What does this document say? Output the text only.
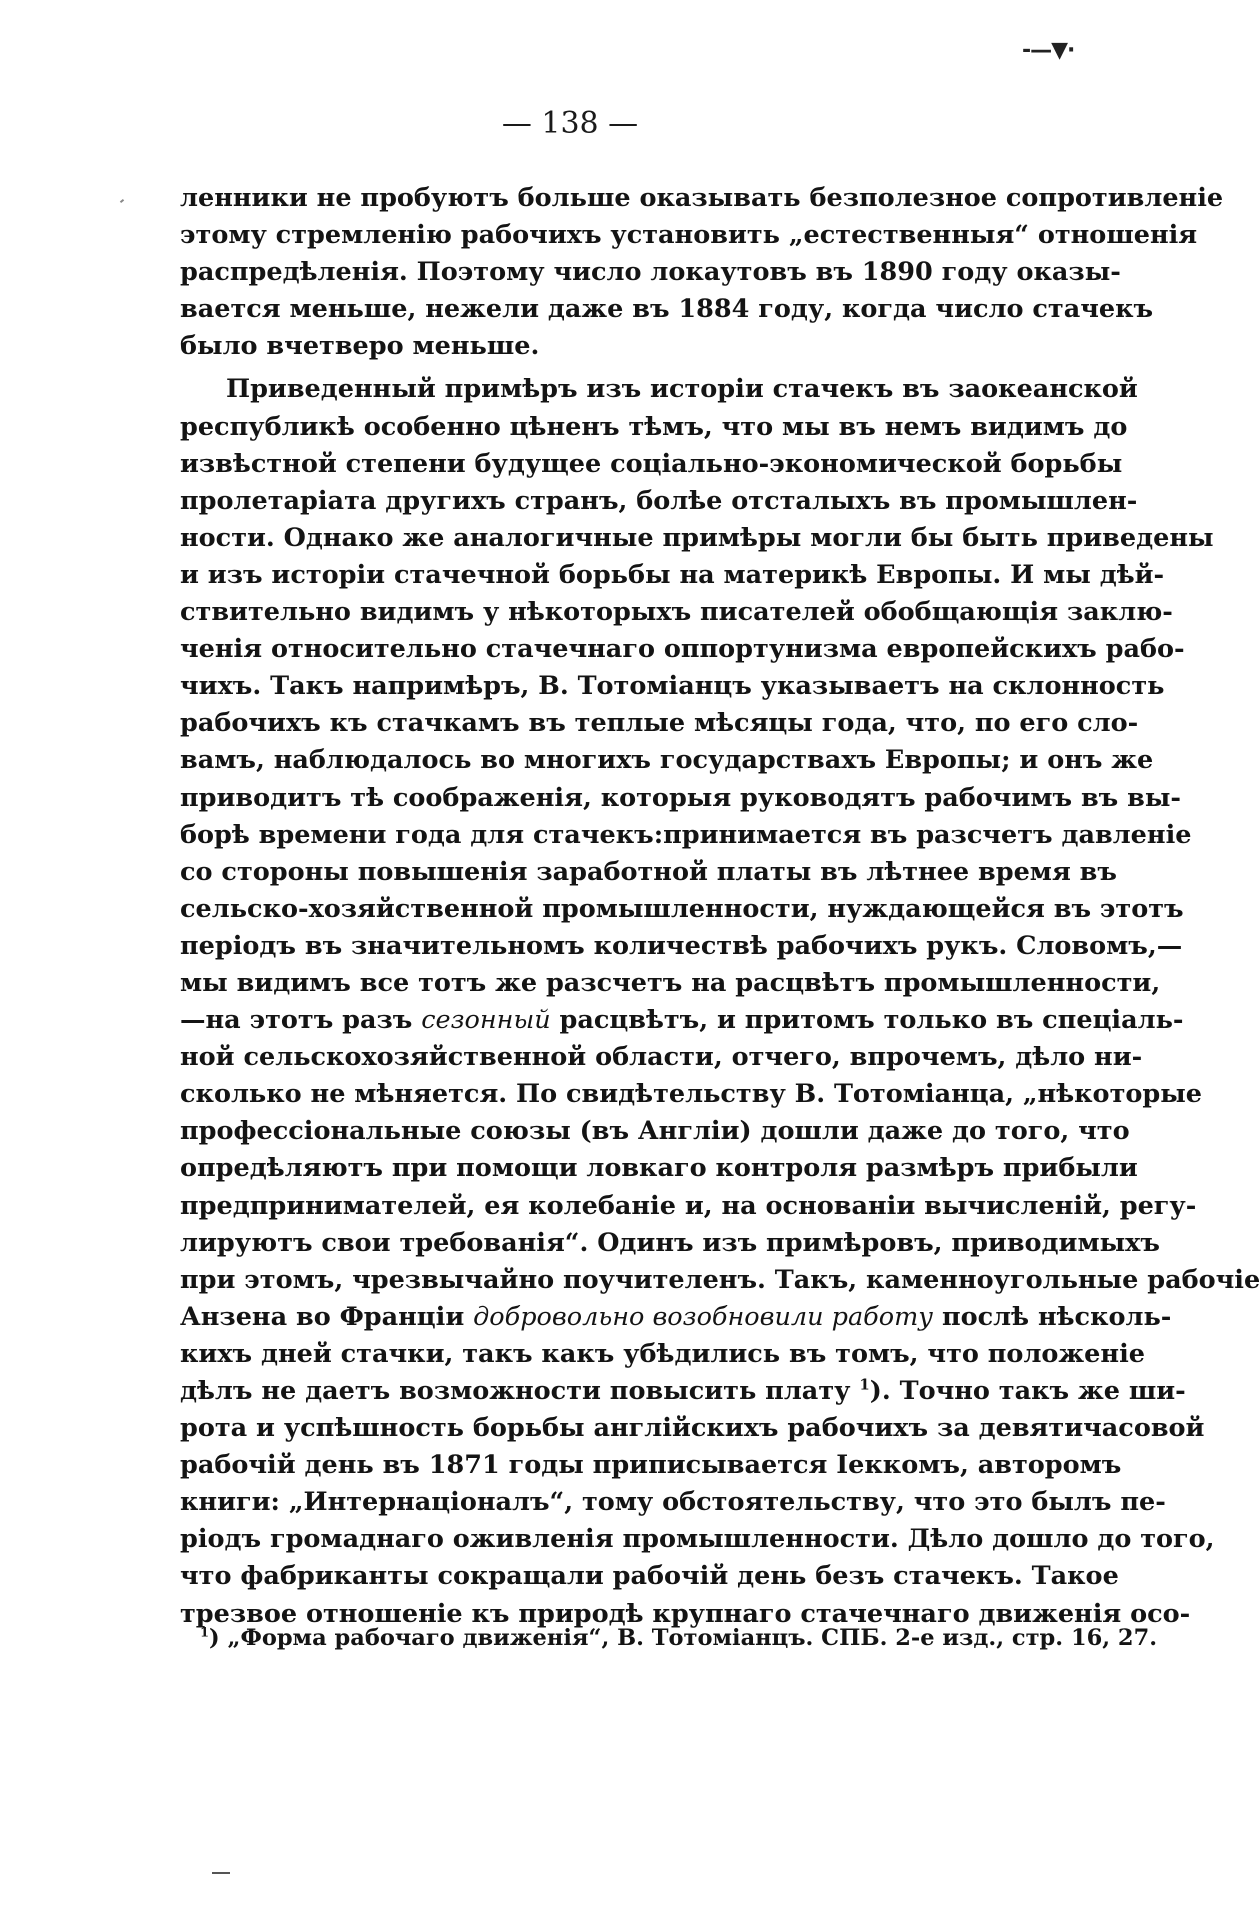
-—▼·
— 138 —
ленники не пробуютъ больше оказывать безполезное сопротивленіе
этому стремленію рабочихъ установить „естественныя“ отношенія
распредѣленія. Поэтому число локаутовъ въ 1890 году оказы-
вается меньше, нежели даже въ 1884 году, когда число стачекъ
было вчетверо меньше.
Приведенный примѣръ изъ исторіи стачекъ въ заокеанской
республикѣ особенно цѣненъ тѣмъ, что мы въ немъ видимъ до
извѣстной степени будущее соціально-экономической борьбы
пролетаріата другихъ странъ, болѣе отсталыхъ въ промышлен-
ности. Однако же аналогичные примѣры могли бы быть приведены
и изъ исторіи стачечной борьбы на материкѣ Европы. И мы дѣй-
ствительно видимъ у нѣкоторыхъ писателей обобщающія заклю-
ченія относительно стачечнаго оппортунизма европейскихъ рабо-
чихъ. Такъ напримѣръ, В. Тотоміанцъ указываетъ на склонность
рабочихъ къ стачкамъ въ теплые мѣсяцы года, что, по его сло-
вамъ, наблюдалось во многихъ государствахъ Европы; и онъ же
приводитъ тѣ соображенія, которыя руководятъ рабочимъ въ вы-
борѣ времени года для стачекъ:принимается въ разсчетъ давленіе
со стороны повышенія заработной платы въ лѣтнее время въ
сельско-хозяйственной промышленности, нуждающейся въ этотъ
періодъ въ значительномъ количествѣ рабочихъ рукъ. Словомъ,—
мы видимъ все тотъ же разсчетъ на расцвѣтъ промышленности,
—на этотъ разъ сезонный расцвѣтъ, и притомъ только въ спеціаль-
ной сельскохозяйственной области, отчего, впрочемъ, дѣло ни-
сколько не мѣняется. По свидѣтельству В. Тотоміанца, „нѣкоторые
профессіональные союзы (въ Англіи) дошли даже до того, что
опредѣляютъ при помощи ловкаго контроля размѣръ прибыли
предпринимателей, ея колебаніе и, на основаніи вычисленій, регу-
лируютъ свои требованія“. Одинъ изъ примѣровъ, приводимыхъ
при этомъ, чрезвычайно поучителенъ. Такъ, каменноугольные рабочіе
Анзена во Франціи добровольно возобновили работу послѣ нѣсколь-
кихъ дней стачки, такъ какъ убѣдились въ томъ, что положеніе
дѣлъ не даетъ возможности повысить плату $^1$). Точно такъ же ши-
рота и успѣшность борьбы англійскихъ рабочихъ за девятичасовой
рабочій день въ 1871 годы приписывается Іеккомъ, авторомъ
книги: „Интернаціоналъ“, тому обстоятельству, что это былъ пе-
ріодъ громаднаго оживленія промышленности. Дѣло дошло до того,
что фабриканты сокращали рабочій день безъ стачекъ. Такое
трезвое отношеніе къ природѣ крупнаго стачечнаго движенія осо-
$^1$) „Форма рабочаго движенія“, В. Тотоміанцъ. СПБ. 2-е изд., стр. 16, 27.
